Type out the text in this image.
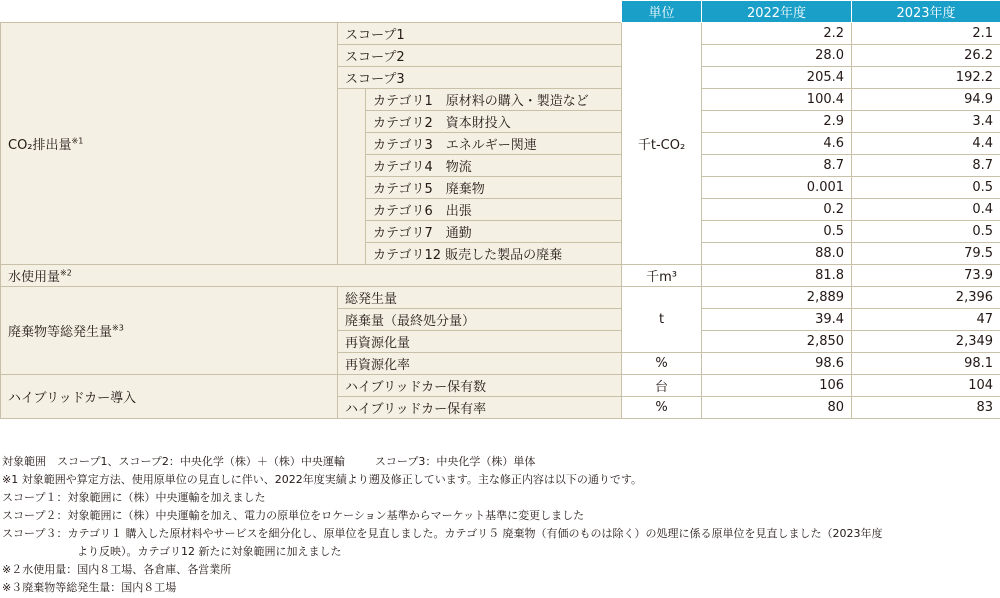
			単位	2022年度	2023年度
CO₂排出量$^{※1}$	スコープ1		千t-CO₂	2.2	2.1
	スコープ2			28.0	26.2
	スコープ3			205.4	192.2
		カテゴリ1　原材料の購入・製造など		100.4	94.9
		カテゴリ2　資本財投入		2.9	3.4
		カテゴリ3　エネルギー関連		4.6	4.4
		カテゴリ4　物流		8.7	8.7
		カテゴリ5　廃棄物		0.001	0.5
		カテゴリ6　出張		0.2	0.4
		カテゴリ7　通勤		0.5	0.5
		カテゴリ12 販売した製品の廃棄		88.0	79.5
水使用量$^{※2}$			千m³	81.8	73.9
廃棄物等総発生量$^{※3}$	総発生量		t	2,889	2,396
	廃棄量（最終処分量）			39.4	47
	再資源化量			2,850	2,349
	再資源化率		%	98.6	98.1
ハイブリッドカー導入	ハイブリッドカー保有数		台	106	104
	ハイブリッドカー保有率		%	80	83
対象範囲　スコープ1、スコープ2：中央化学（株）＋（株）中央運輸	スコープ3：中央化学（株）単体
※1 対象範囲や算定方法、使用原単位の見直しに伴い、2022年度実績より遡及修正しています。主な修正内容は以下の通りです。
スコープ１：対象範囲に（株）中央運輸を加えました
スコープ２：対象範囲に（株）中央運輸を加え、電力の原単位をロケーション基準からマーケット基準に変更しました
スコープ３：カテゴリ１ 購入した原材料やサービスを細分化し、原単位を見直しました。カテゴリ５ 廃棄物（有価のものは除く）の処理に係る原単位を見直しました（2023年度
より反映）。カテゴリ12 新たに対象範囲に加えました
※２水使用量：国内８工場、各倉庫、各営業所
※３廃棄物等総発生量：国内８工場
